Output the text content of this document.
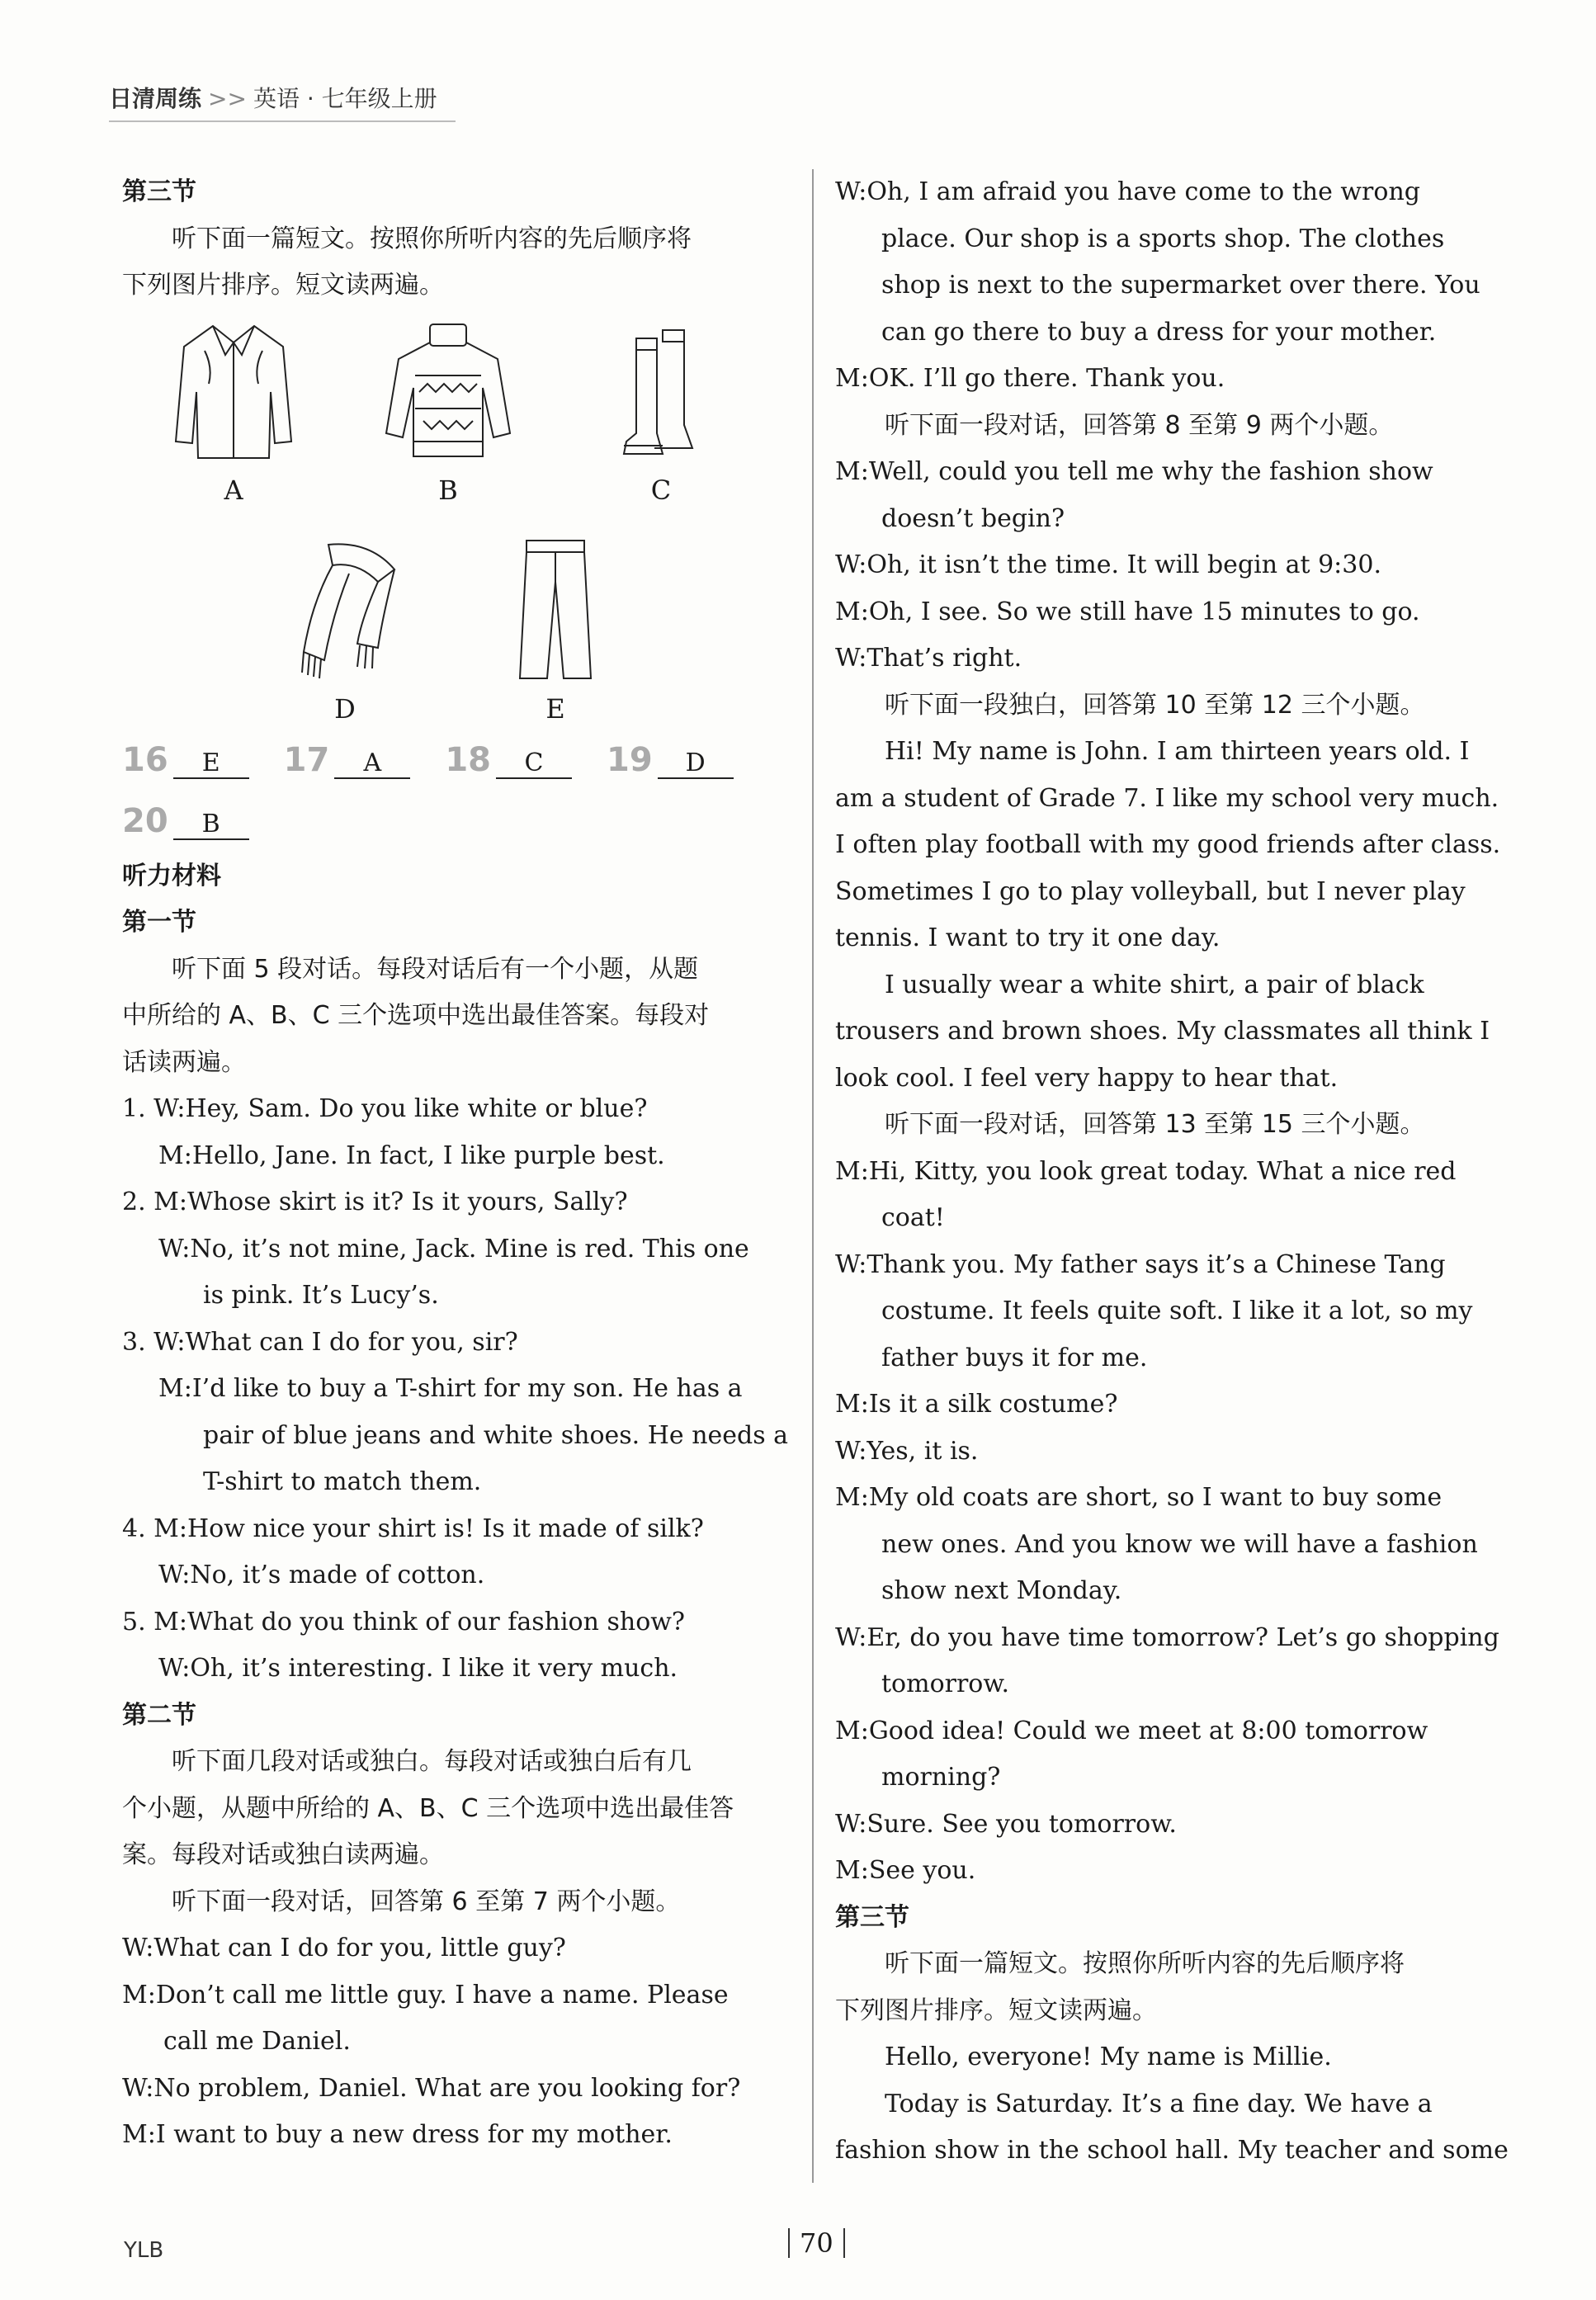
日清周练 >> 英语 · 七年级上册
第三节
听下面一篇短文。按照你所听内容的先后顺序将
下列图片排序。短文读两遍。
A	B	C
D	E
16 E 17 A 18 C 19 D
20 B
听力材料
第一节
听下面 5 段对话。每段对话后有一个小题，从题
中所给的 A、B、C 三个选项中选出最佳答案。每段对
话读两遍。
1. W:Hey, Sam. Do you like white or blue?
M:Hello, Jane. In fact, I like purple best.
2. M:Whose skirt is it? Is it yours, Sally?
W:No, it’s not mine, Jack. Mine is red. This one
is pink. It’s Lucy’s.
3. W:What can I do for you, sir?
M:I’d like to buy a T-shirt for my son. He has a
pair of blue jeans and white shoes. He needs a
T-shirt to match them.
4. M:How nice your shirt is! Is it made of silk?
W:No, it’s made of cotton.
5. M:What do you think of our fashion show?
W:Oh, it’s interesting. I like it very much.
第二节
听下面几段对话或独白。每段对话或独白后有几
个小题，从题中所给的 A、B、C 三个选项中选出最佳答
案。每段对话或独白读两遍。
听下面一段对话，回答第 6 至第 7 两个小题。
W:What can I do for you, little guy?
M:Don’t call me little guy. I have a name. Please
call me Daniel.
W:No problem, Daniel. What are you looking for?
M:I want to buy a new dress for my mother.
W:Oh, I am afraid you have come to the wrong
place. Our shop is a sports shop. The clothes
shop is next to the supermarket over there. You
can go there to buy a dress for your mother.
M:OK. I’ll go there. Thank you.
听下面一段对话，回答第 8 至第 9 两个小题。
M:Well, could you tell me why the fashion show
doesn’t begin?
W:Oh, it isn’t the time. It will begin at 9:30.
M:Oh, I see. So we still have 15 minutes to go.
W:That’s right.
听下面一段独白，回答第 10 至第 12 三个小题。
Hi! My name is John. I am thirteen years old. I
am a student of Grade 7. I like my school very much.
I often play football with my good friends after class.
Sometimes I go to play volleyball, but I never play
tennis. I want to try it one day.
I usually wear a white shirt, a pair of black
trousers and brown shoes. My classmates all think I
look cool. I feel very happy to hear that.
听下面一段对话，回答第 13 至第 15 三个小题。
M:Hi, Kitty, you look great today. What a nice red
coat!
W:Thank you. My father says it’s a Chinese Tang
costume. It feels quite soft. I like it a lot, so my
father buys it for me.
M:Is it a silk costume?
W:Yes, it is.
M:My old coats are short, so I want to buy some
new ones. And you know we will have a fashion
show next Monday.
W:Er, do you have time tomorrow? Let’s go shopping
tomorrow.
M:Good idea! Could we meet at 8:00 tomorrow
morning?
W:Sure. See you tomorrow.
M:See you.
第三节
听下面一篇短文。按照你所听内容的先后顺序将
下列图片排序。短文读两遍。
Hello, everyone! My name is Millie.
Today is Saturday. It’s a fine day. We have a
fashion show in the school hall. My teacher and some
YLB	70
